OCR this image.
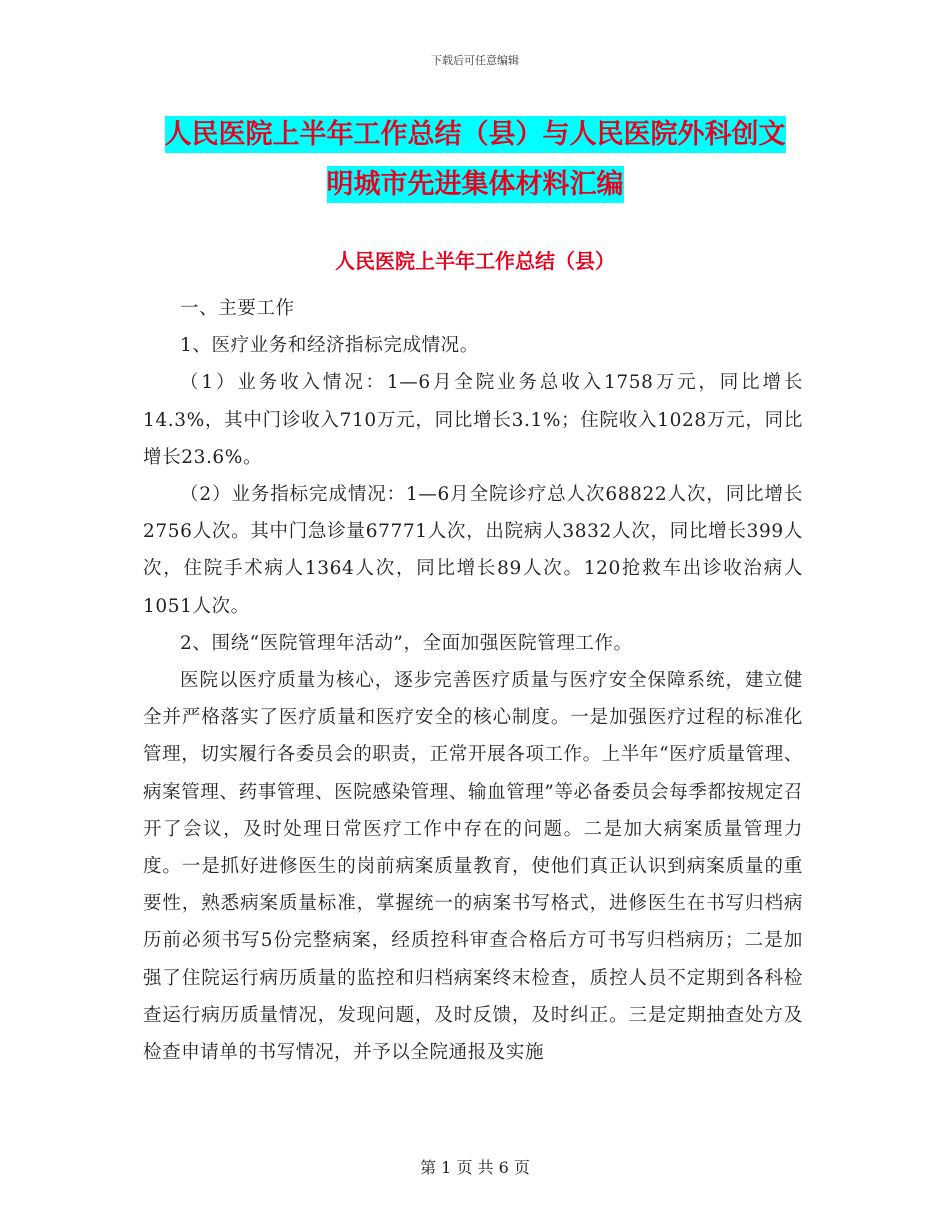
下载后可任意编辑
人民医院上半年工作总结（县）与人民医院外科创文
明城市先进集体材料汇编
人民医院上半年工作总结（县）

一、主要工作

1、医疗业务和经济指标完成情况。

（1）业务收入情况：1—6月全院业务总收入1758万元，同比增长14.3%，其中门诊收入710万元，同比增长3.1%；住院收入1028万元，同比增长23.6%。

（2）业务指标完成情况：1—6月全院诊疗总人次68822人次，同比增长2756人次。其中门急诊量67771人次，出院病人3832人次，同比增长399人次，住院手术病人1364人次，同比增长89人次。120抢救车出诊收治病人1051人次。

2、围绕“医院管理年活动”，全面加强医院管理工作。

医院以医疗质量为核心，逐步完善医疗质量与医疗安全保障系统，建立健全并严格落实了医疗质量和医疗安全的核心制度。一是加强医疗过程的标准化管理，切实履行各委员会的职责，正常开展各项工作。上半年“医疗质量管理、病案管理、药事管理、医院感染管理、输血管理”等必备委员会每季都按规定召开了会议，及时处理日常医疗工作中存在的问题。二是加大病案质量管理力度。一是抓好进修医生的岗前病案质量教育，使他们真正认识到病案质量的重要性，熟悉病案质量标准，掌握统一的病案书写格式，进修医生在书写归档病历前必须书写5份完整病案，经质控科审查合格后方可书写归档病历；二是加强了住院运行病历质量的监控和归档病案终末检查，质控人员不定期到各科检查运行病历质量情况，发现问题，及时反馈，及时纠正。三是定期抽查处方及检查申请单的书写情况，并予以全院通报及实施

第 1 页 共 6 页
